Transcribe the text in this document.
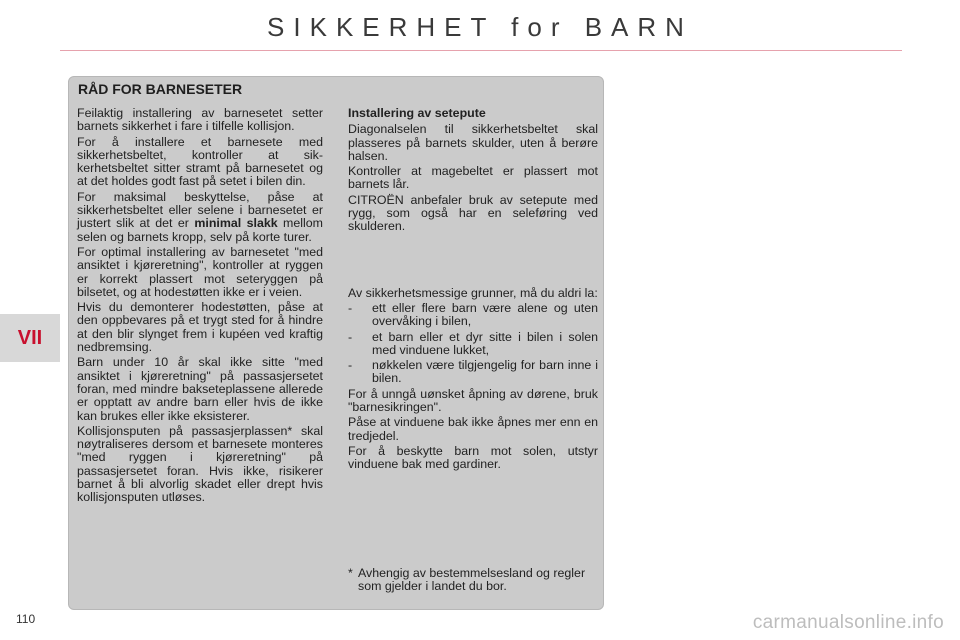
SIKKERHET for BARN
VII
110
RÅD FOR BARNESETER

Feilaktig installering av barnesetet setter barnets sikkerhet i fare i tilfelle kollisjon.

For å installere et barnesete med sikkerhetsbeltet, kontroller at sikkerhetsbeltet sitter stramt på barnesetet og at det holdes godt fast på setet i bilen din.

For maksimal beskyttelse, påse at sikkerhetsbeltet eller selene i barnesetet er justert slik at det er minimal slakk mellom selen og barnets kropp, selv på korte turer.

For optimal installering av barnesetet "med ansiktet i kjøreretning", kontroller at ryggen er korrekt plassert mot seteryggen på bilsetet, og at hodestøtten ikke er i veien.

Hvis du demonterer hodestøtten, påse at den oppbevares på et trygt sted for å hindre at den blir slynget frem i kupéen ved kraftig nedbremsing.

Barn under 10 år skal ikke sitte "med ansiktet i kjøreretning" på passasjersetet foran, med mindre bakseteplassene allerede er opptatt av andre barn eller hvis de ikke kan brukes eller ikke eksisterer.

Kollisjonsputen på passasjerplassen* skal nøytraliseres dersom et barnesete monteres "med ryggen i kjøreretning" på passasjersetet foran. Hvis ikke, risikerer barnet å bli alvorlig skadet eller drept hvis kollisjonsputen utløses.

Installering av setepute

Diagonalselen til sikkerhetsbeltet skal plasseres på barnets skulder, uten å berøre halsen.

Kontroller at magebeltet er plassert mot barnets lår.

CITROËN anbefaler bruk av setepute med rygg, som også har en seleføring ved skulderen.

Av sikkerhetsmessige grunner, må du aldri la:

-	ett eller flere barn være alene og uten overvåking i bilen,
-	et barn eller et dyr sitte i bilen i solen med vinduene lukket,
-	nøkkelen være tilgjengelig for barn inne i bilen.

For å unngå uønsket åpning av dørene, bruk "barnesikringen".

Påse at vinduene bak ikke åpnes mer enn en tredjedel.

For å beskytte barn mot solen, utstyr vinduene bak med gardiner.

* Avhengig av bestemmelsesland og regler som gjelder i landet du bor.
carmanualsonline.info
